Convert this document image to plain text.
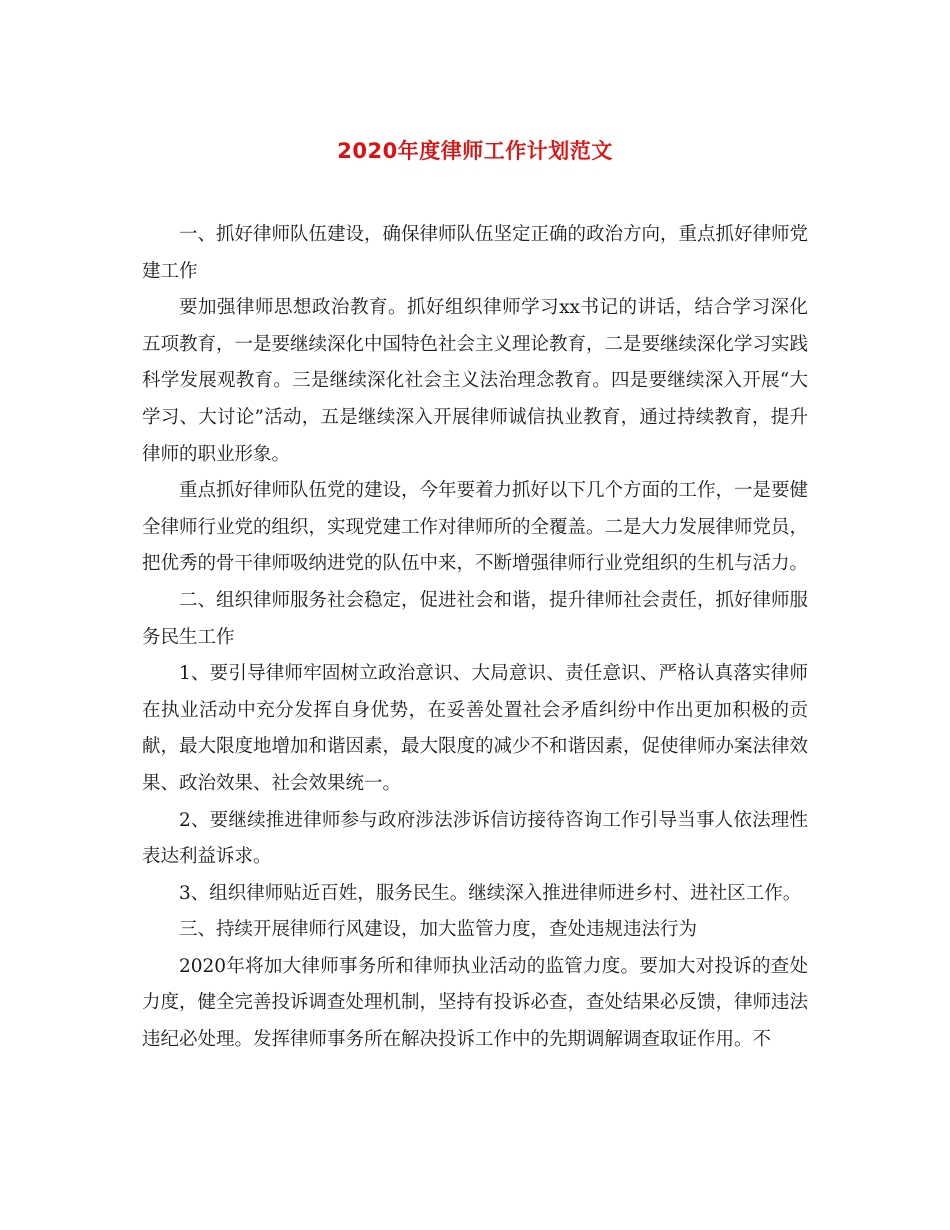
2020年度律师工作计划范文

一、抓好律师队伍建设，确保律师队伍坚定正确的政治方向，重点抓好律师党建工作

要加强律师思想政治教育。抓好组织律师学习xx书记的讲话，结合学习深化五项教育，一是要继续深化中国特色社会主义理论教育，二是要继续深化学习实践科学发展观教育。三是继续深化社会主义法治理念教育。四是要继续深入开展“大学习、大讨论”活动，五是继续深入开展律师诚信执业教育，通过持续教育，提升律师的职业形象。

重点抓好律师队伍党的建设，今年要着力抓好以下几个方面的工作，一是要健全律师行业党的组织，实现党建工作对律师所的全覆盖。二是大力发展律师党员，把优秀的骨干律师吸纳进党的队伍中来，不断增强律师行业党组织的生机与活力。

二、组织律师服务社会稳定，促进社会和谐，提升律师社会责任，抓好律师服务民生工作

1、要引导律师牢固树立政治意识、大局意识、责任意识、严格认真落实律师在执业活动中充分发挥自身优势，在妥善处置社会矛盾纠纷中作出更加积极的贡献，最大限度地增加和谐因素，最大限度的减少不和谐因素，促使律师办案法律效果、政治效果、社会效果统一。

2、要继续推进律师参与政府涉法涉诉信访接待咨询工作引导当事人依法理性表达利益诉求。

3、组织律师贴近百姓，服务民生。继续深入推进律师进乡村、进社区工作。

三、持续开展律师行风建设，加大监管力度，查处违规违法行为

2020年将加大律师事务所和律师执业活动的监管力度。要加大对投诉的查处力度，健全完善投诉调查处理机制，坚持有投诉必查，查处结果必反馈，律师违法违纪必处理。发挥律师事务所在解决投诉工作中的先期调解调查取证作用。不
